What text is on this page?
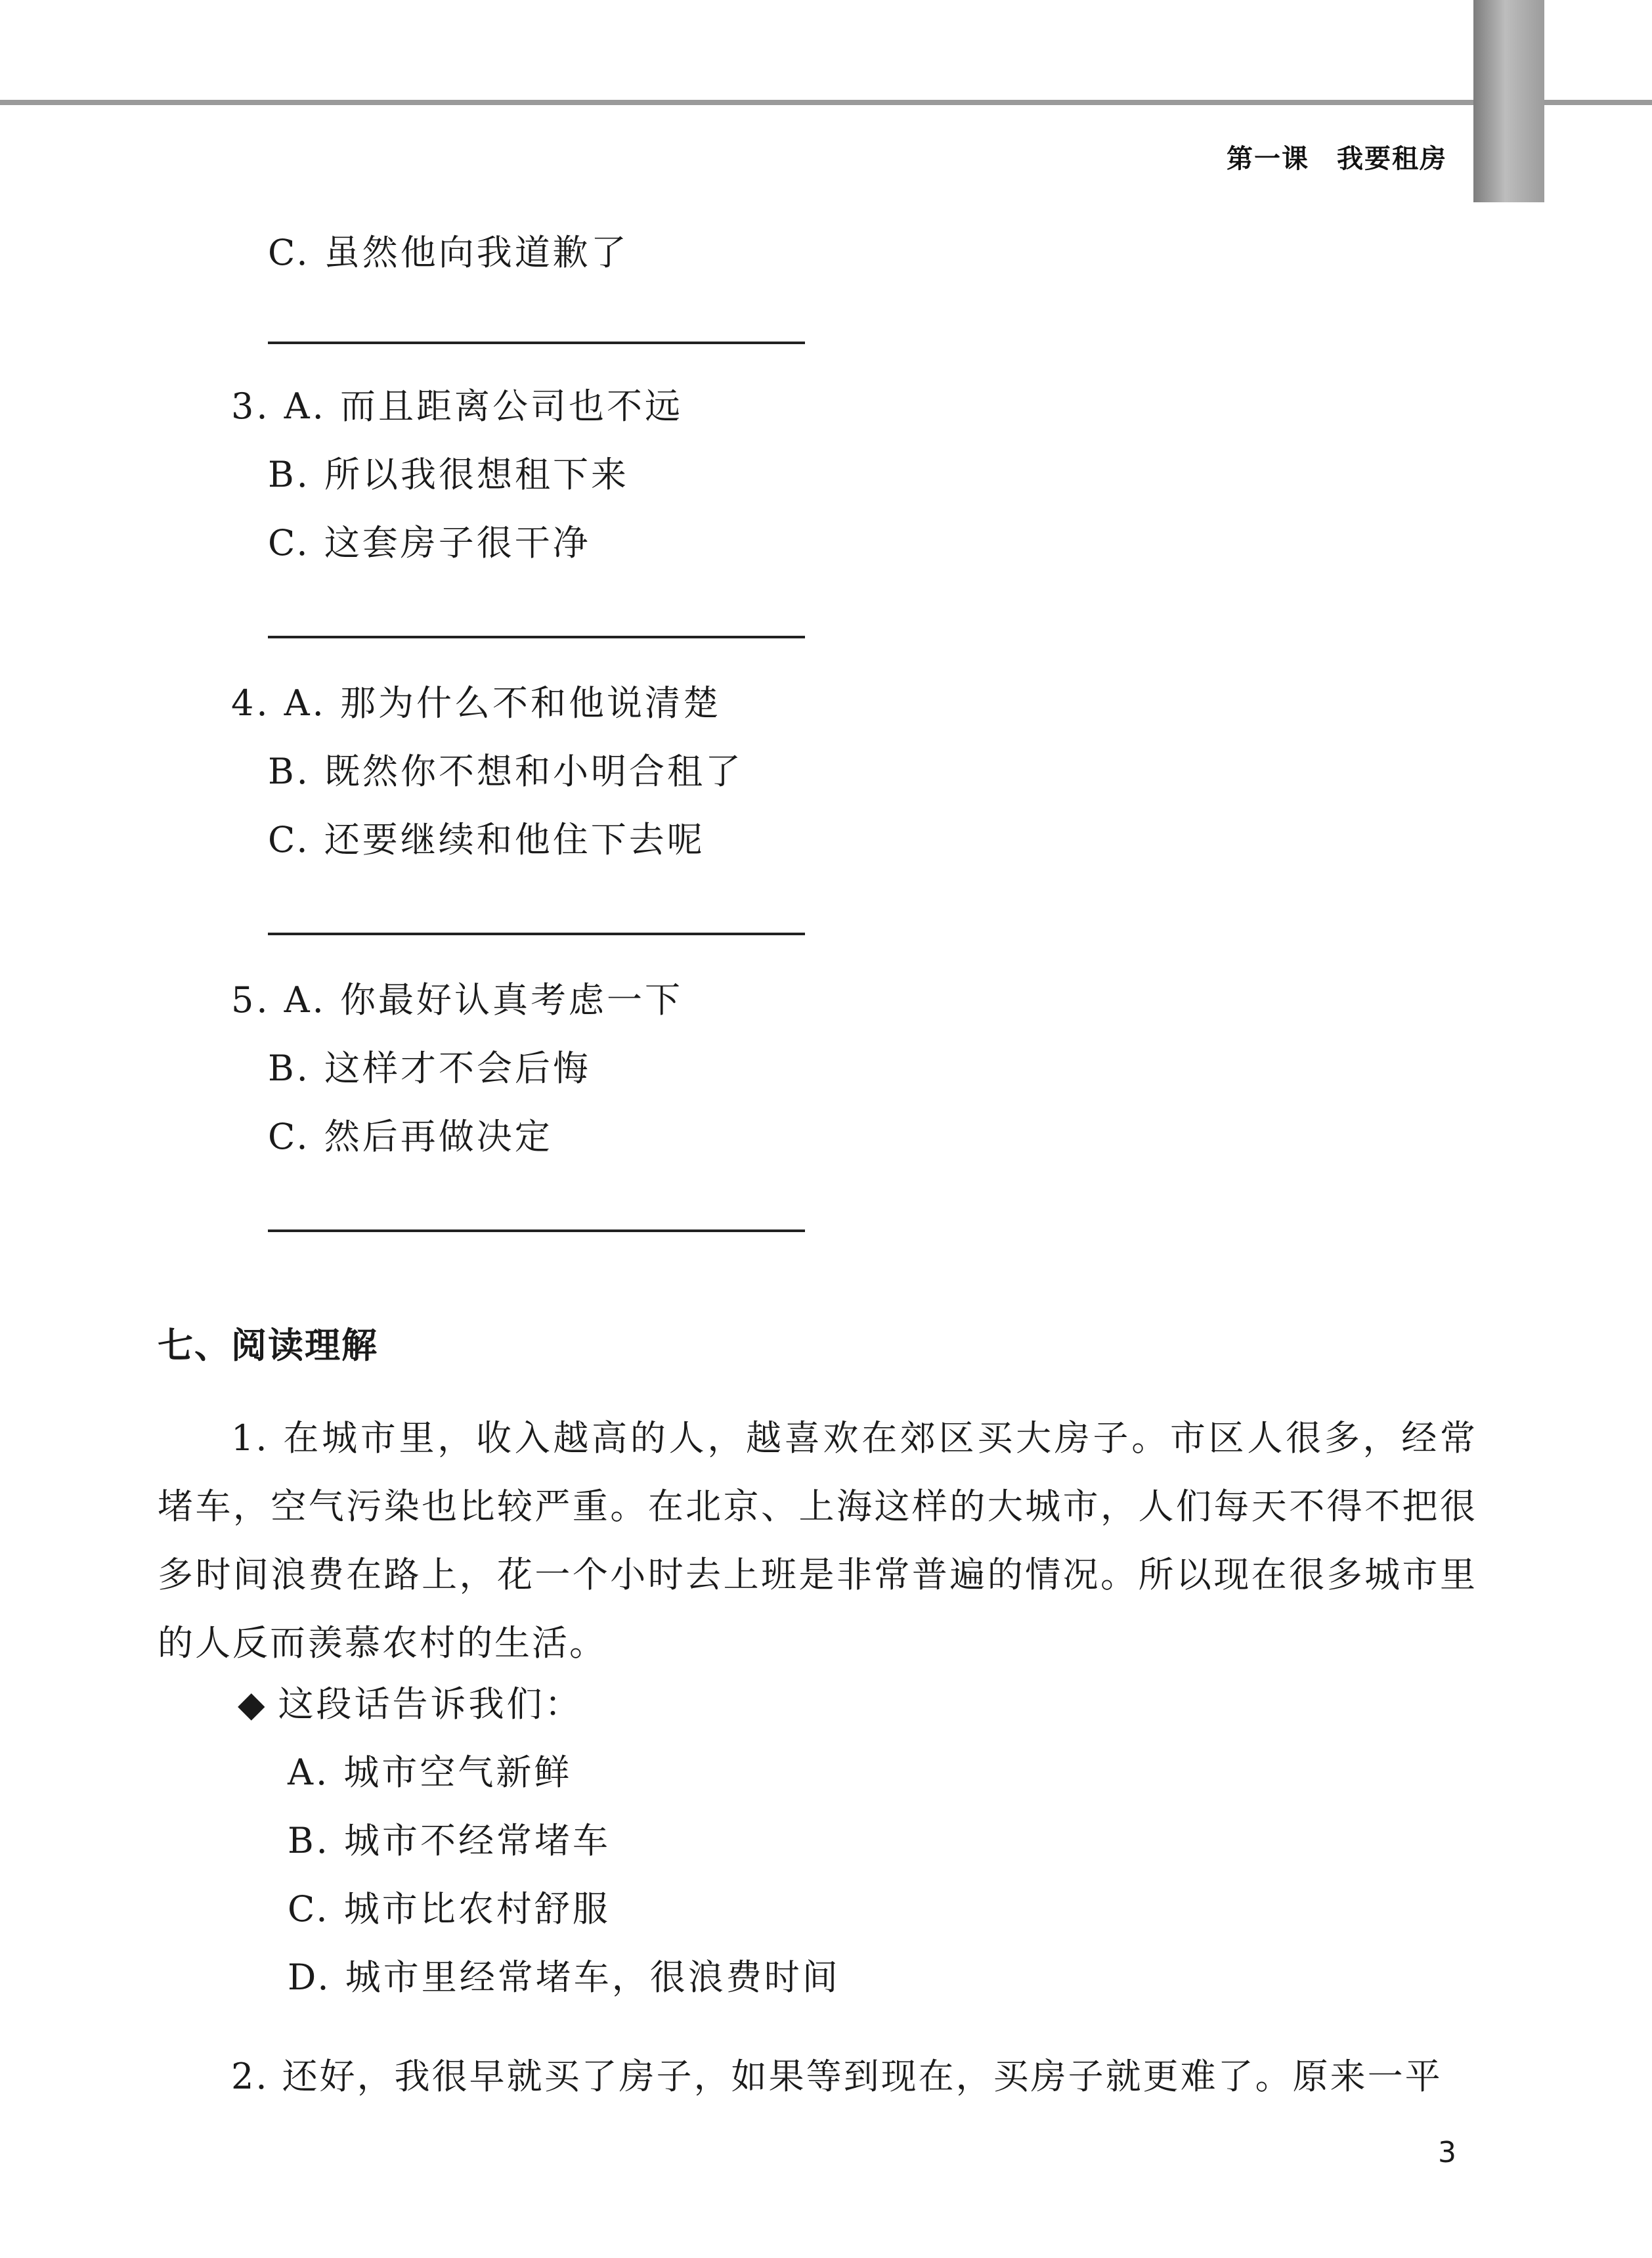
第一课　我要租房
C. 虽然他向我道歉了
3. A. 而且距离公司也不远
B. 所以我很想租下来
C. 这套房子很干净
4. A. 那为什么不和他说清楚
B. 既然你不想和小明合租了
C. 还要继续和他住下去呢
5. A. 你最好认真考虑一下
B. 这样才不会后悔
C. 然后再做决定
七、阅读理解

1. 在城市里，收入越高的人，越喜欢在郊区买大房子。市区人很多，经常堵车，空气污染也比较严重。在北京、上海这样的大城市，人们每天不得不把很多时间浪费在路上，花一个小时去上班是非常普遍的情况。所以现在很多城市里的人反而羡慕农村的生活。

◆ 这段话告诉我们：
A. 城市空气新鲜
B. 城市不经常堵车
C. 城市比农村舒服
D. 城市里经常堵车，很浪费时间
2. 还好，我很早就买了房子，如果等到现在，买房子就更难了。原来一平
3
